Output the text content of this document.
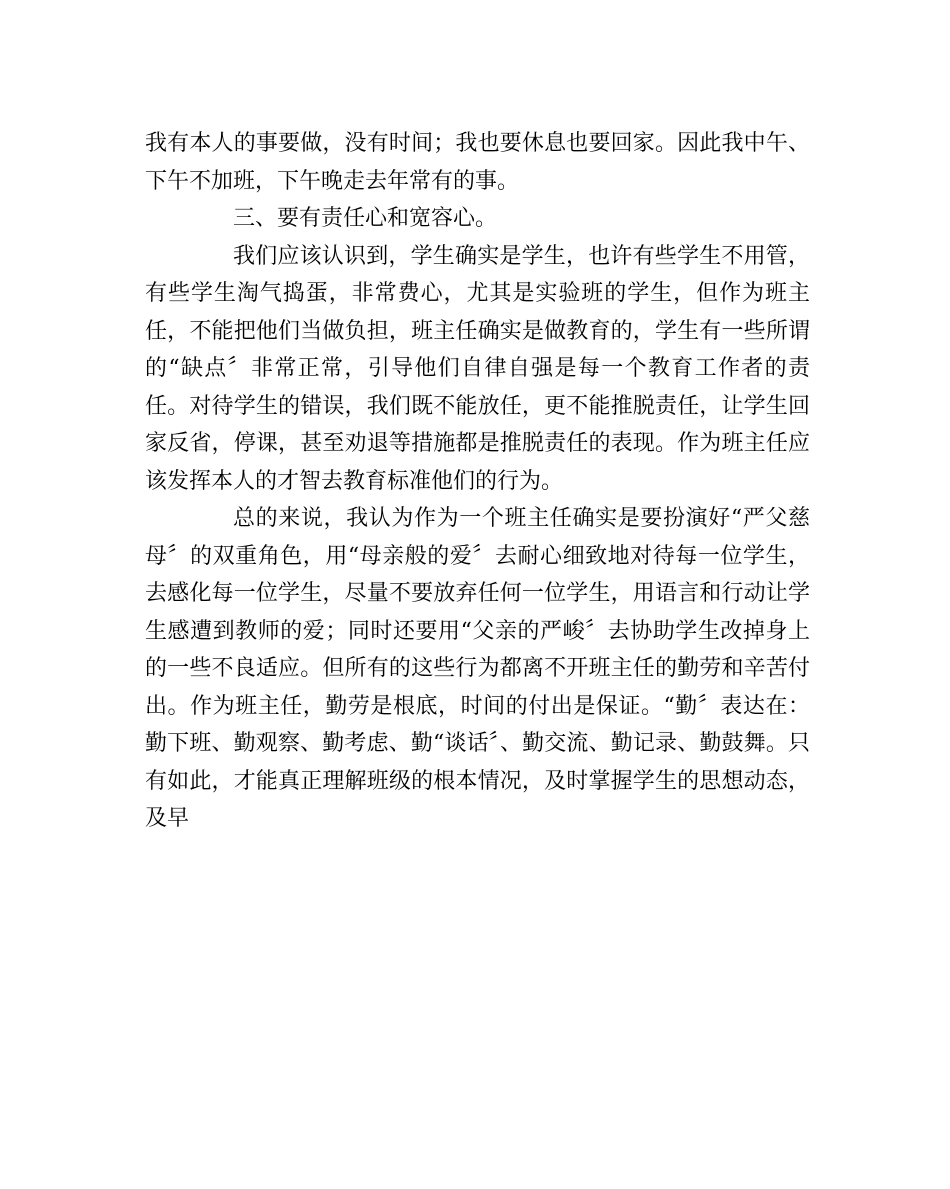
我有本人的事要做，没有时间；我也要休息也要回家。因此我中午、下午不加班，下午晚走去年常有的事。

三、要有责任心和宽容心。

我们应该认识到，学生确实是学生，也许有些学生不用管，有些学生淘气捣蛋，非常费心，尤其是实验班的学生，但作为班主任，不能把他们当做负担，班主任确实是做教育的，学生有一些所谓的“缺点〞非常正常，引导他们自律自强是每一个教育工作者的责任。对待学生的错误，我们既不能放任，更不能推脱责任，让学生回家反省，停课，甚至劝退等措施都是推脱责任的表现。作为班主任应该发挥本人的才智去教育标准他们的行为。

总的来说，我认为作为一个班主任确实是要扮演好“严父慈母〞的双重角色，用“母亲般的爱〞去耐心细致地对待每一位学生，去感化每一位学生，尽量不要放弃任何一位学生，用语言和行动让学生感遭到教师的爱；同时还要用“父亲的严峻〞去协助学生改掉身上的一些不良适应。但所有的这些行为都离不开班主任的勤劳和辛苦付出。作为班主任，勤劳是根底，时间的付出是保证。“勤〞表达在：勤下班、勤观察、勤考虑、勤“谈话〞、勤交流、勤记录、勤鼓舞。只有如此，才能真正理解班级的根本情况，及时掌握学生的思想动态，及早
